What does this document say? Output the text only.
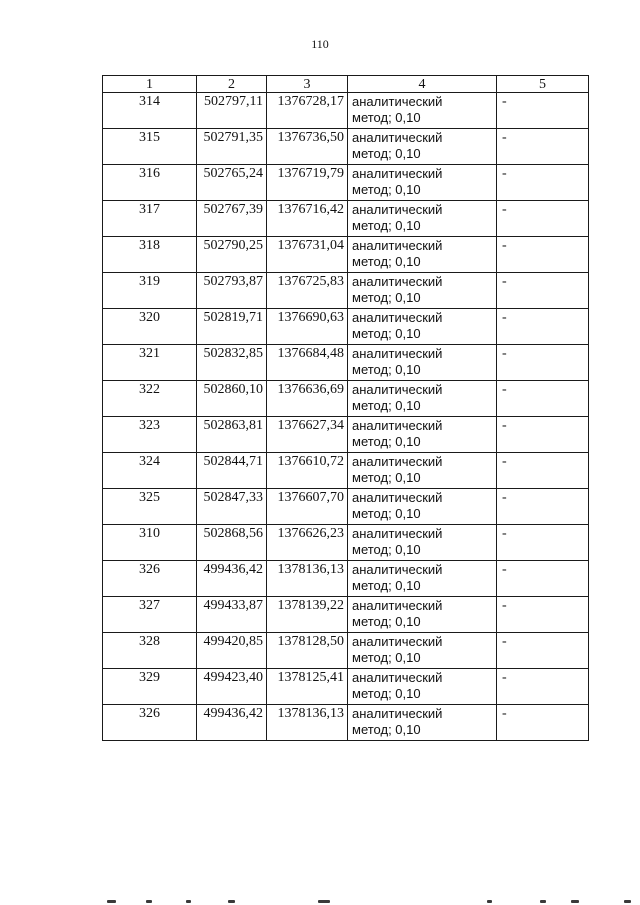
110
1	2	3	4	5
314	502797,11	1376728,17	аналитический
метод; 0,10	-
315	502791,35	1376736,50	аналитический
метод; 0,10	-
316	502765,24	1376719,79	аналитический
метод; 0,10	-
317	502767,39	1376716,42	аналитический
метод; 0,10	-
318	502790,25	1376731,04	аналитический
метод; 0,10	-
319	502793,87	1376725,83	аналитический
метод; 0,10	-
320	502819,71	1376690,63	аналитический
метод; 0,10	-
321	502832,85	1376684,48	аналитический
метод; 0,10	-
322	502860,10	1376636,69	аналитический
метод; 0,10	-
323	502863,81	1376627,34	аналитический
метод; 0,10	-
324	502844,71	1376610,72	аналитический
метод; 0,10	-
325	502847,33	1376607,70	аналитический
метод; 0,10	-
310	502868,56	1376626,23	аналитический
метод; 0,10	-
326	499436,42	1378136,13	аналитический
метод; 0,10	-
327	499433,87	1378139,22	аналитический
метод; 0,10	-
328	499420,85	1378128,50	аналитический
метод; 0,10	-
329	499423,40	1378125,41	аналитический
метод; 0,10	-
326	499436,42	1378136,13	аналитический
метод; 0,10	-
